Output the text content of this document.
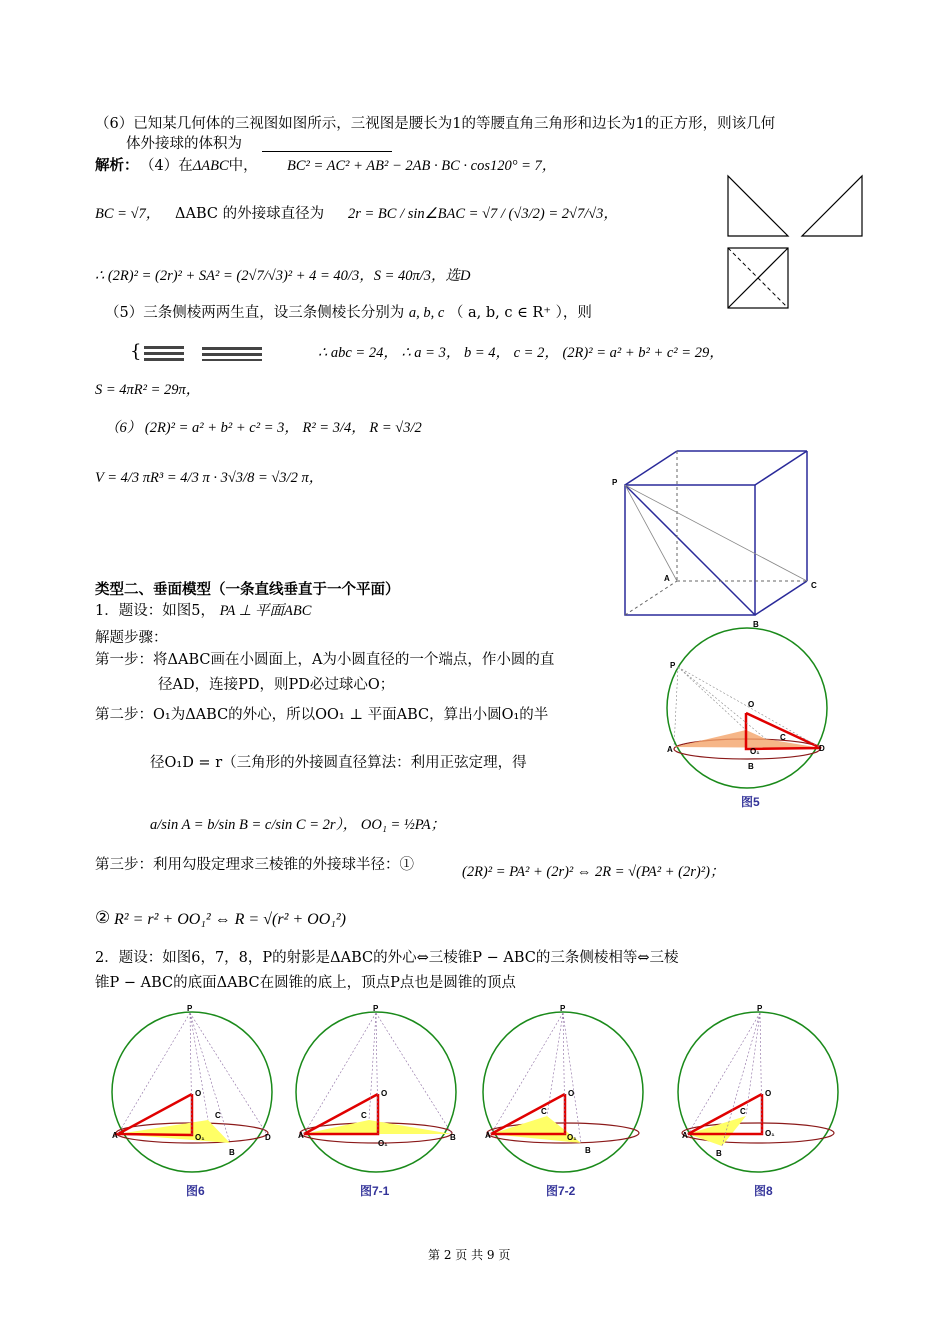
（6）已知某几何体的三视图如图所示，三视图是腰长为1的等腰直角三角形和边长为1的正方形，则该几何
体外接球的体积为
解析： （4）在ΔABC中， BC² = AC² + AB² − 2AB · BC · cos120° = 7，
BC = √7， ΔABC 的外接球直径为 2r = BC / sin∠BAC = √7 / (√3/2) = 2√7/√3，
∴ (2R)² = (2r)² + SA² = (2√7/√3)² + 4 = 40/3，S = 40π/3，选D
（5）三条侧棱两两生直，设三条侧棱长分别为 a, b, c （ a, b, c ∈ R⁺ ），则
{	∴ abc = 24， ∴ a = 3， b = 4， c = 2， (2R)² = a² + b² + c² = 29，
S = 4πR² = 29π，
（6） (2R)² = a² + b² + c² = 3， R² = 3/4， R = √3/2
V = 4/3 πR³ = 4/3 π · 3√3/8 = √3/2 π，	P
A
B
C
类型二、垂面模型（一条直线垂直于一个平面）
1．题设：如图5， PA ⊥ 平面ABC
解题步骤：
第一步：将ΔABC画在小圆面上，A为小圆直径的一个端点，作小圆的直
径AD，连接PD，则PD必过球心O；
第二步：O₁为ΔABC的外心，所以OO₁ ⊥ 平面ABC，算出小圆O₁的半
径O₁D = r（三角形的外接圆直径算法：利用正弦定理，得
a/sin A = b/sin B = c/sin C = 2r）， OO₁ = ½PA；
第三步：利用勾股定理求三棱锥的外接球半径：①	(2R)² = PA² + (2r)² ⇔ 2R = √(PA² + (2r)²)；
② R² = r² + OO₁² ⇔ R = √(r² + OO₁²)
2．题设：如图6，7，8，P的射影是ΔABC的外心⇔三棱锥P − ABC的三条侧棱相等⇔三棱
锥P − ABC的底面ΔABC在圆锥的底上，顶点P点也是圆锥的顶点
P
O
C
A	O₁
B
D
图5
P
O
C
A	O₁
B
D
图6
P
O
C
A
O₁
B
图7-1
P
O
C
A	O₁
B
图7-2
P
O
C
A	O₁
B
图8
第 2 页 共 9 页
